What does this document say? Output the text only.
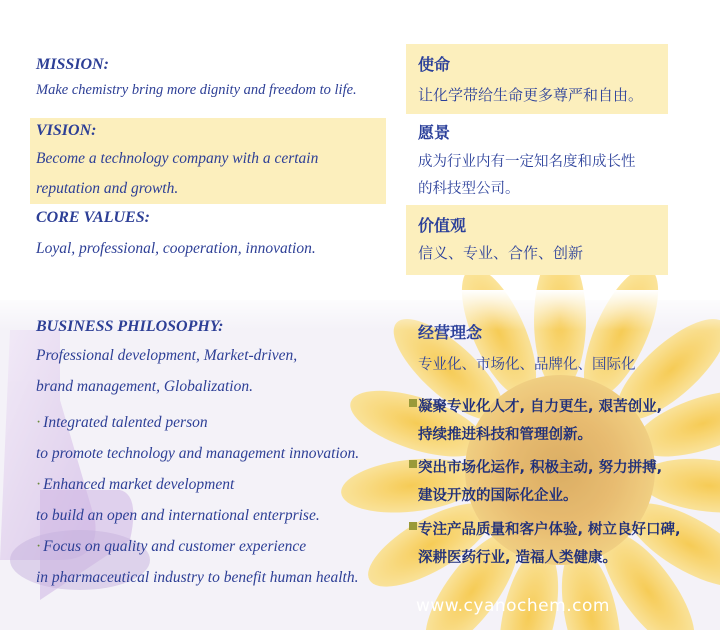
MISSION:
Make chemistry bring more dignity and freedom to life.
VISION:
Become a technology company with a certain
reputation and growth.
CORE VALUES:
Loyal, professional, cooperation, innovation.
BUSINESS PHILOSOPHY:
Professional development, Market-driven,
brand management, Globalization.
· Integrated talented person
to promote technology and management innovation.
· Enhanced market development
to build an open and international enterprise.
· Focus on quality and customer experience
in pharmaceutical industry to benefit human health.
使命
让化学带给生命更多尊严和自由。
愿景
成为行业内有一定知名度和成长性
的科技型公司。
价值观
信义、专业、合作、创新
经营理念
专业化、市场化、品牌化、国际化
凝聚专业化人才, 自力更生, 艰苦创业,
持续推进科技和管理创新。
突出市场化运作, 积极主动, 努力拼搏,
建设开放的国际化企业。
专注产品质量和客户体验, 树立良好口碑,
深耕医药行业, 造福人类健康。
www.cyanochem.com
